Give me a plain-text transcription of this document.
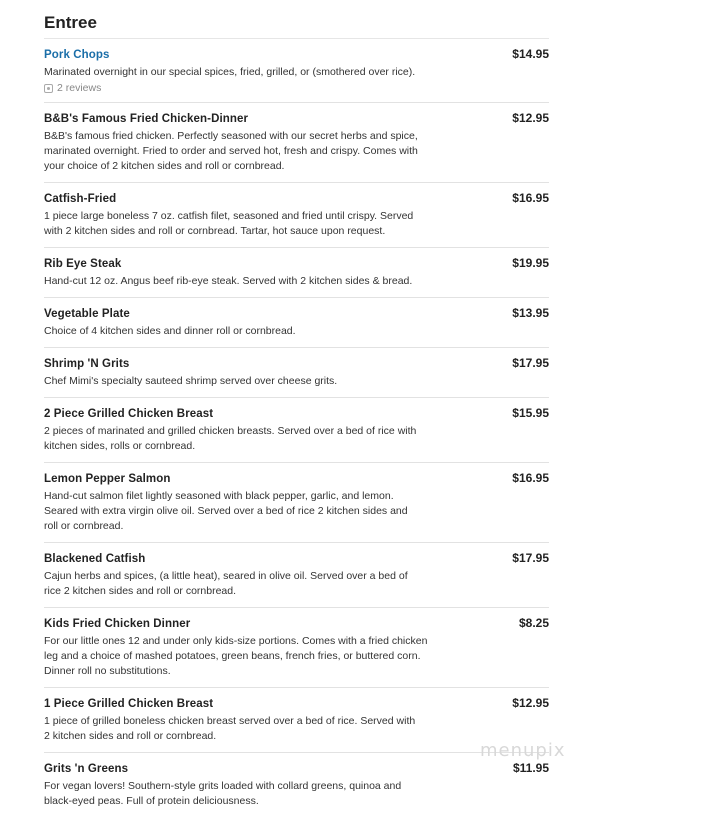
Entree
Pork Chops	$14.95
Marinated overnight in our special spices, fried, grilled, or (smothered over rice).
2 reviews
B&B's Famous Fried Chicken-Dinner	$12.95
B&B's famous fried chicken. Perfectly seasoned with our secret herbs and spice,
marinated overnight. Fried to order and served hot, fresh and crispy. Comes with
your choice of 2 kitchen sides and roll or cornbread.
Catfish-Fried	$16.95
1 piece large boneless 7 oz. catfish filet, seasoned and fried until crispy. Served
with 2 kitchen sides and roll or cornbread. Tartar, hot sauce upon request.
Rib Eye Steak	$19.95
Hand-cut 12 oz. Angus beef rib-eye steak. Served with 2 kitchen sides & bread.
Vegetable Plate	$13.95
Choice of 4 kitchen sides and dinner roll or cornbread.
Shrimp 'N Grits	$17.95
Chef Mimi's specialty sauteed shrimp served over cheese grits.
2 Piece Grilled Chicken Breast	$15.95
2 pieces of marinated and grilled chicken breasts. Served over a bed of rice with
kitchen sides, rolls or cornbread.
Lemon Pepper Salmon	$16.95
Hand-cut salmon filet lightly seasoned with black pepper, garlic, and lemon.
Seared with extra virgin olive oil. Served over a bed of rice 2 kitchen sides and
roll or cornbread.
Blackened Catfish	$17.95
Cajun herbs and spices, (a little heat), seared in olive oil. Served over a bed of
rice 2 kitchen sides and roll or cornbread.
Kids Fried Chicken Dinner	$8.25
For our little ones 12 and under only kids-size portions. Comes with a fried chicken
leg and a choice of mashed potatoes, green beans, french fries, or buttered corn.
Dinner roll no substitutions.
1 Piece Grilled Chicken Breast	$12.95
1 piece of grilled boneless chicken breast served over a bed of rice. Served with
2 kitchen sides and roll or cornbread.
Grits 'n Greens	$11.95
For vegan lovers! Southern-style grits loaded with collard greens, quinoa and
black-eyed peas. Full of protein deliciousness.
menupix
